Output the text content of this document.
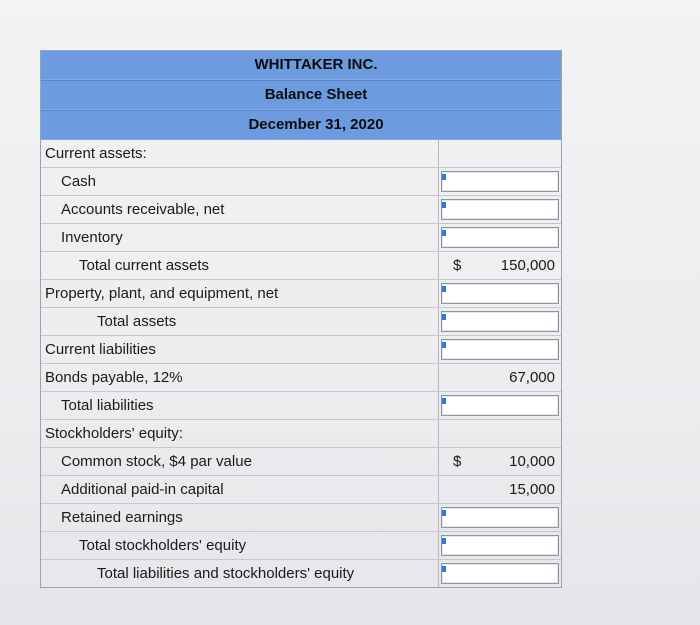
WHITTAKER INC.
Balance Sheet
December 31, 2020
Current assets:
Cash
Accounts receivable, net
Inventory
Total current assets	$	150,000
Property, plant, and equipment, net
Total assets
Current liabilities
Bonds payable, 12%	67,000
Total liabilities
Stockholders' equity:
Common stock, $4 par value	$	10,000
Additional paid-in capital	15,000
Retained earnings
Total stockholders' equity
Total liabilities and stockholders' equity
